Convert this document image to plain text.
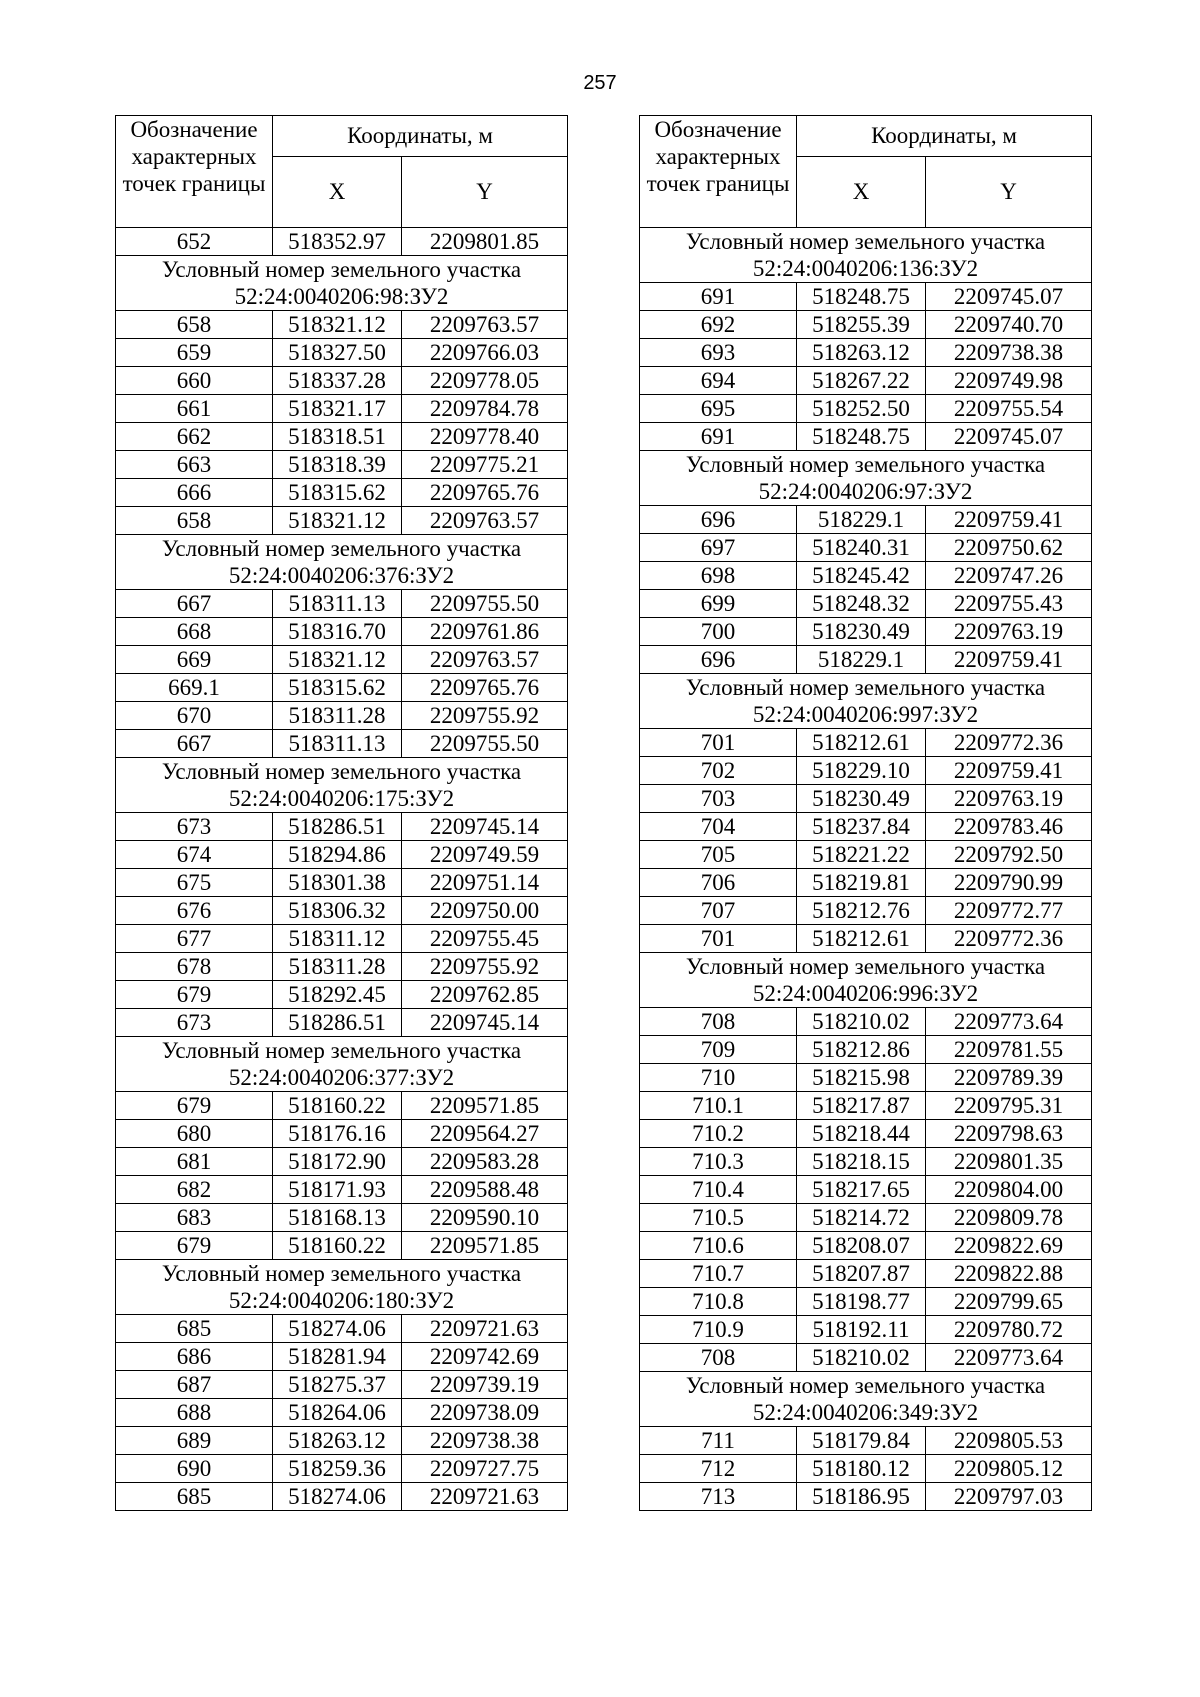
257
Обозначение характерных точек границы	Координаты, м	
	X	Y
652	518352.97	2209801.85

Условный номер земельного участка
52:24:0040206:98:ЗУ2		

658	518321.12	2209763.57
659	518327.50	2209766.03
660	518337.28	2209778.05
661	518321.17	2209784.78
662	518318.51	2209778.40
663	518318.39	2209775.21
666	518315.62	2209765.76
658	518321.12	2209763.57

Условный номер земельного участка
52:24:0040206:376:ЗУ2		

667	518311.13	2209755.50
668	518316.70	2209761.86
669	518321.12	2209763.57
669.1	518315.62	2209765.76
670	518311.28	2209755.92
667	518311.13	2209755.50

Условный номер земельного участка
52:24:0040206:175:ЗУ2		

673	518286.51	2209745.14
674	518294.86	2209749.59
675	518301.38	2209751.14
676	518306.32	2209750.00
677	518311.12	2209755.45
678	518311.28	2209755.92
679	518292.45	2209762.85
673	518286.51	2209745.14

Условный номер земельного участка
52:24:0040206:377:ЗУ2		

679	518160.22	2209571.85
680	518176.16	2209564.27
681	518172.90	2209583.28
682	518171.93	2209588.48
683	518168.13	2209590.10
679	518160.22	2209571.85

Условный номер земельного участка
52:24:0040206:180:ЗУ2		

685	518274.06	2209721.63
686	518281.94	2209742.69
687	518275.37	2209739.19
688	518264.06	2209738.09
689	518263.12	2209738.38
690	518259.36	2209727.75
685	518274.06	2209721.63
Обозначение характерных точек границы	Координаты, м	
	X	Y

Условный номер земельного участка
52:24:0040206:136:ЗУ2		

691	518248.75	2209745.07
692	518255.39	2209740.70
693	518263.12	2209738.38
694	518267.22	2209749.98
695	518252.50	2209755.54
691	518248.75	2209745.07

Условный номер земельного участка
52:24:0040206:97:ЗУ2		

696	518229.1	2209759.41
697	518240.31	2209750.62
698	518245.42	2209747.26
699	518248.32	2209755.43
700	518230.49	2209763.19
696	518229.1	2209759.41

Условный номер земельного участка
52:24:0040206:997:ЗУ2		

701	518212.61	2209772.36
702	518229.10	2209759.41
703	518230.49	2209763.19
704	518237.84	2209783.46
705	518221.22	2209792.50
706	518219.81	2209790.99
707	518212.76	2209772.77
701	518212.61	2209772.36

Условный номер земельного участка
52:24:0040206:996:ЗУ2		

708	518210.02	2209773.64
709	518212.86	2209781.55
710	518215.98	2209789.39
710.1	518217.87	2209795.31
710.2	518218.44	2209798.63
710.3	518218.15	2209801.35
710.4	518217.65	2209804.00
710.5	518214.72	2209809.78
710.6	518208.07	2209822.69
710.7	518207.87	2209822.88
710.8	518198.77	2209799.65
710.9	518192.11	2209780.72
708	518210.02	2209773.64

Условный номер земельного участка
52:24:0040206:349:ЗУ2		

711	518179.84	2209805.53
712	518180.12	2209805.12
713	518186.95	2209797.03
